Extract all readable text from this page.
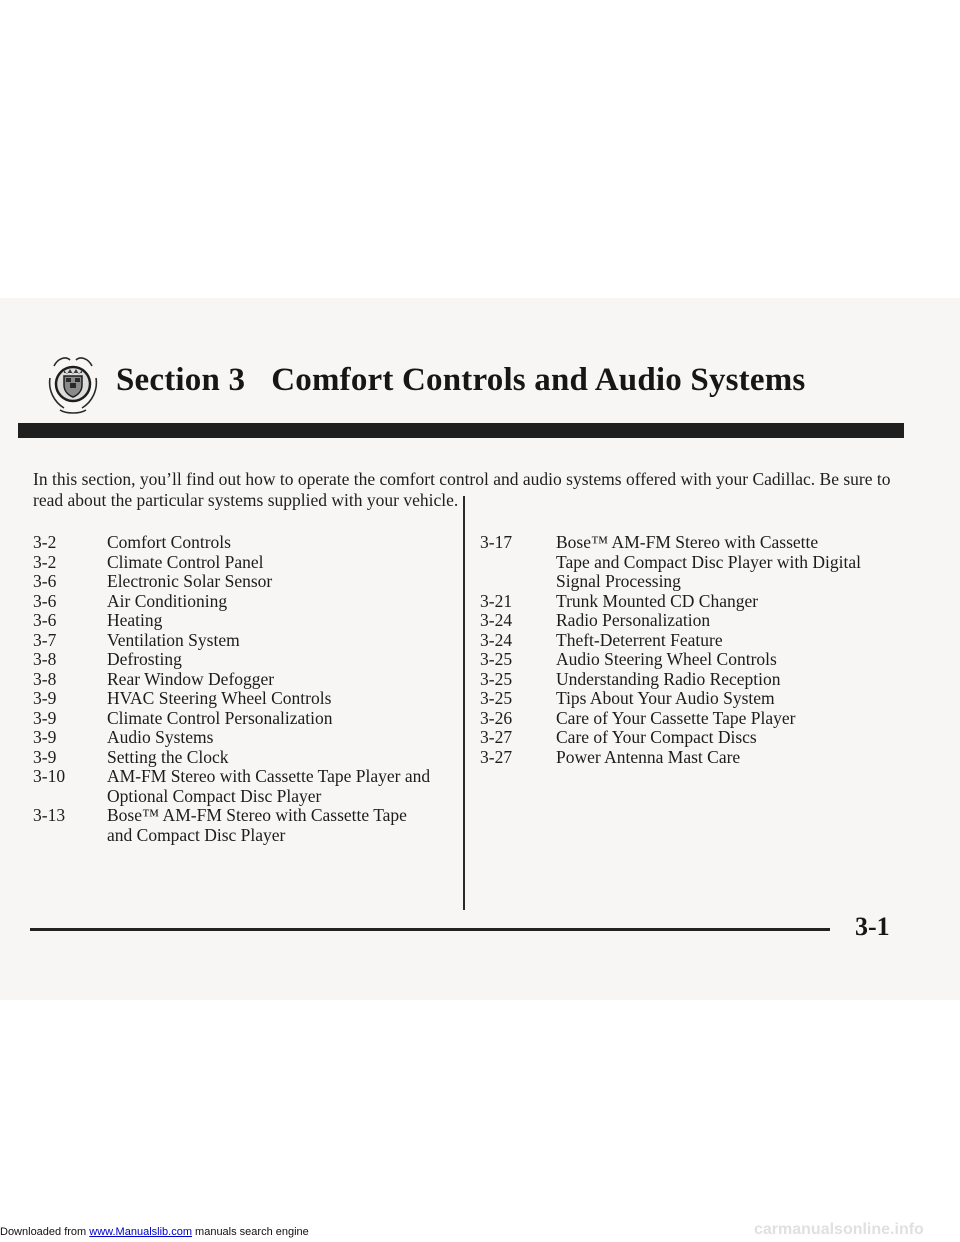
Section 3 Comfort Controls and Audio Systems

In this section, you’ll find out how to operate the comfort control and audio systems offered with your Cadillac. Be sure to read about the particular systems supplied with your vehicle.

3-2	Comfort Controls
3-2	Climate Control Panel
3-6	Electronic Solar Sensor
3-6	Air Conditioning
3-6	Heating
3-7	Ventilation System
3-8	Defrosting
3-8	Rear Window Defogger
3-9	HVAC Steering Wheel Controls
3-9	Climate Control Personalization
3-9	Audio Systems
3-9	Setting the Clock
3-10	AM-FM Stereo with Cassette Tape Player and
Optional Compact Disc Player
3-13	Bose™ AM-FM Stereo with Cassette Tape
and Compact Disc Player
3-17	Bose™ AM-FM Stereo with Cassette
Tape and Compact Disc Player with Digital
Signal Processing
3-21	Trunk Mounted CD Changer
3-24	Radio Personalization
3-24	Theft-Deterrent Feature
3-25	Audio Steering Wheel Controls
3-25	Understanding Radio Reception
3-25	Tips About Your Audio System
3-26	Care of Your Cassette Tape Player
3-27	Care of Your Compact Discs
3-27	Power Antenna Mast Care
3-1
Downloaded from www.Manualslib.com manuals search engine	carmanualsonline.info
